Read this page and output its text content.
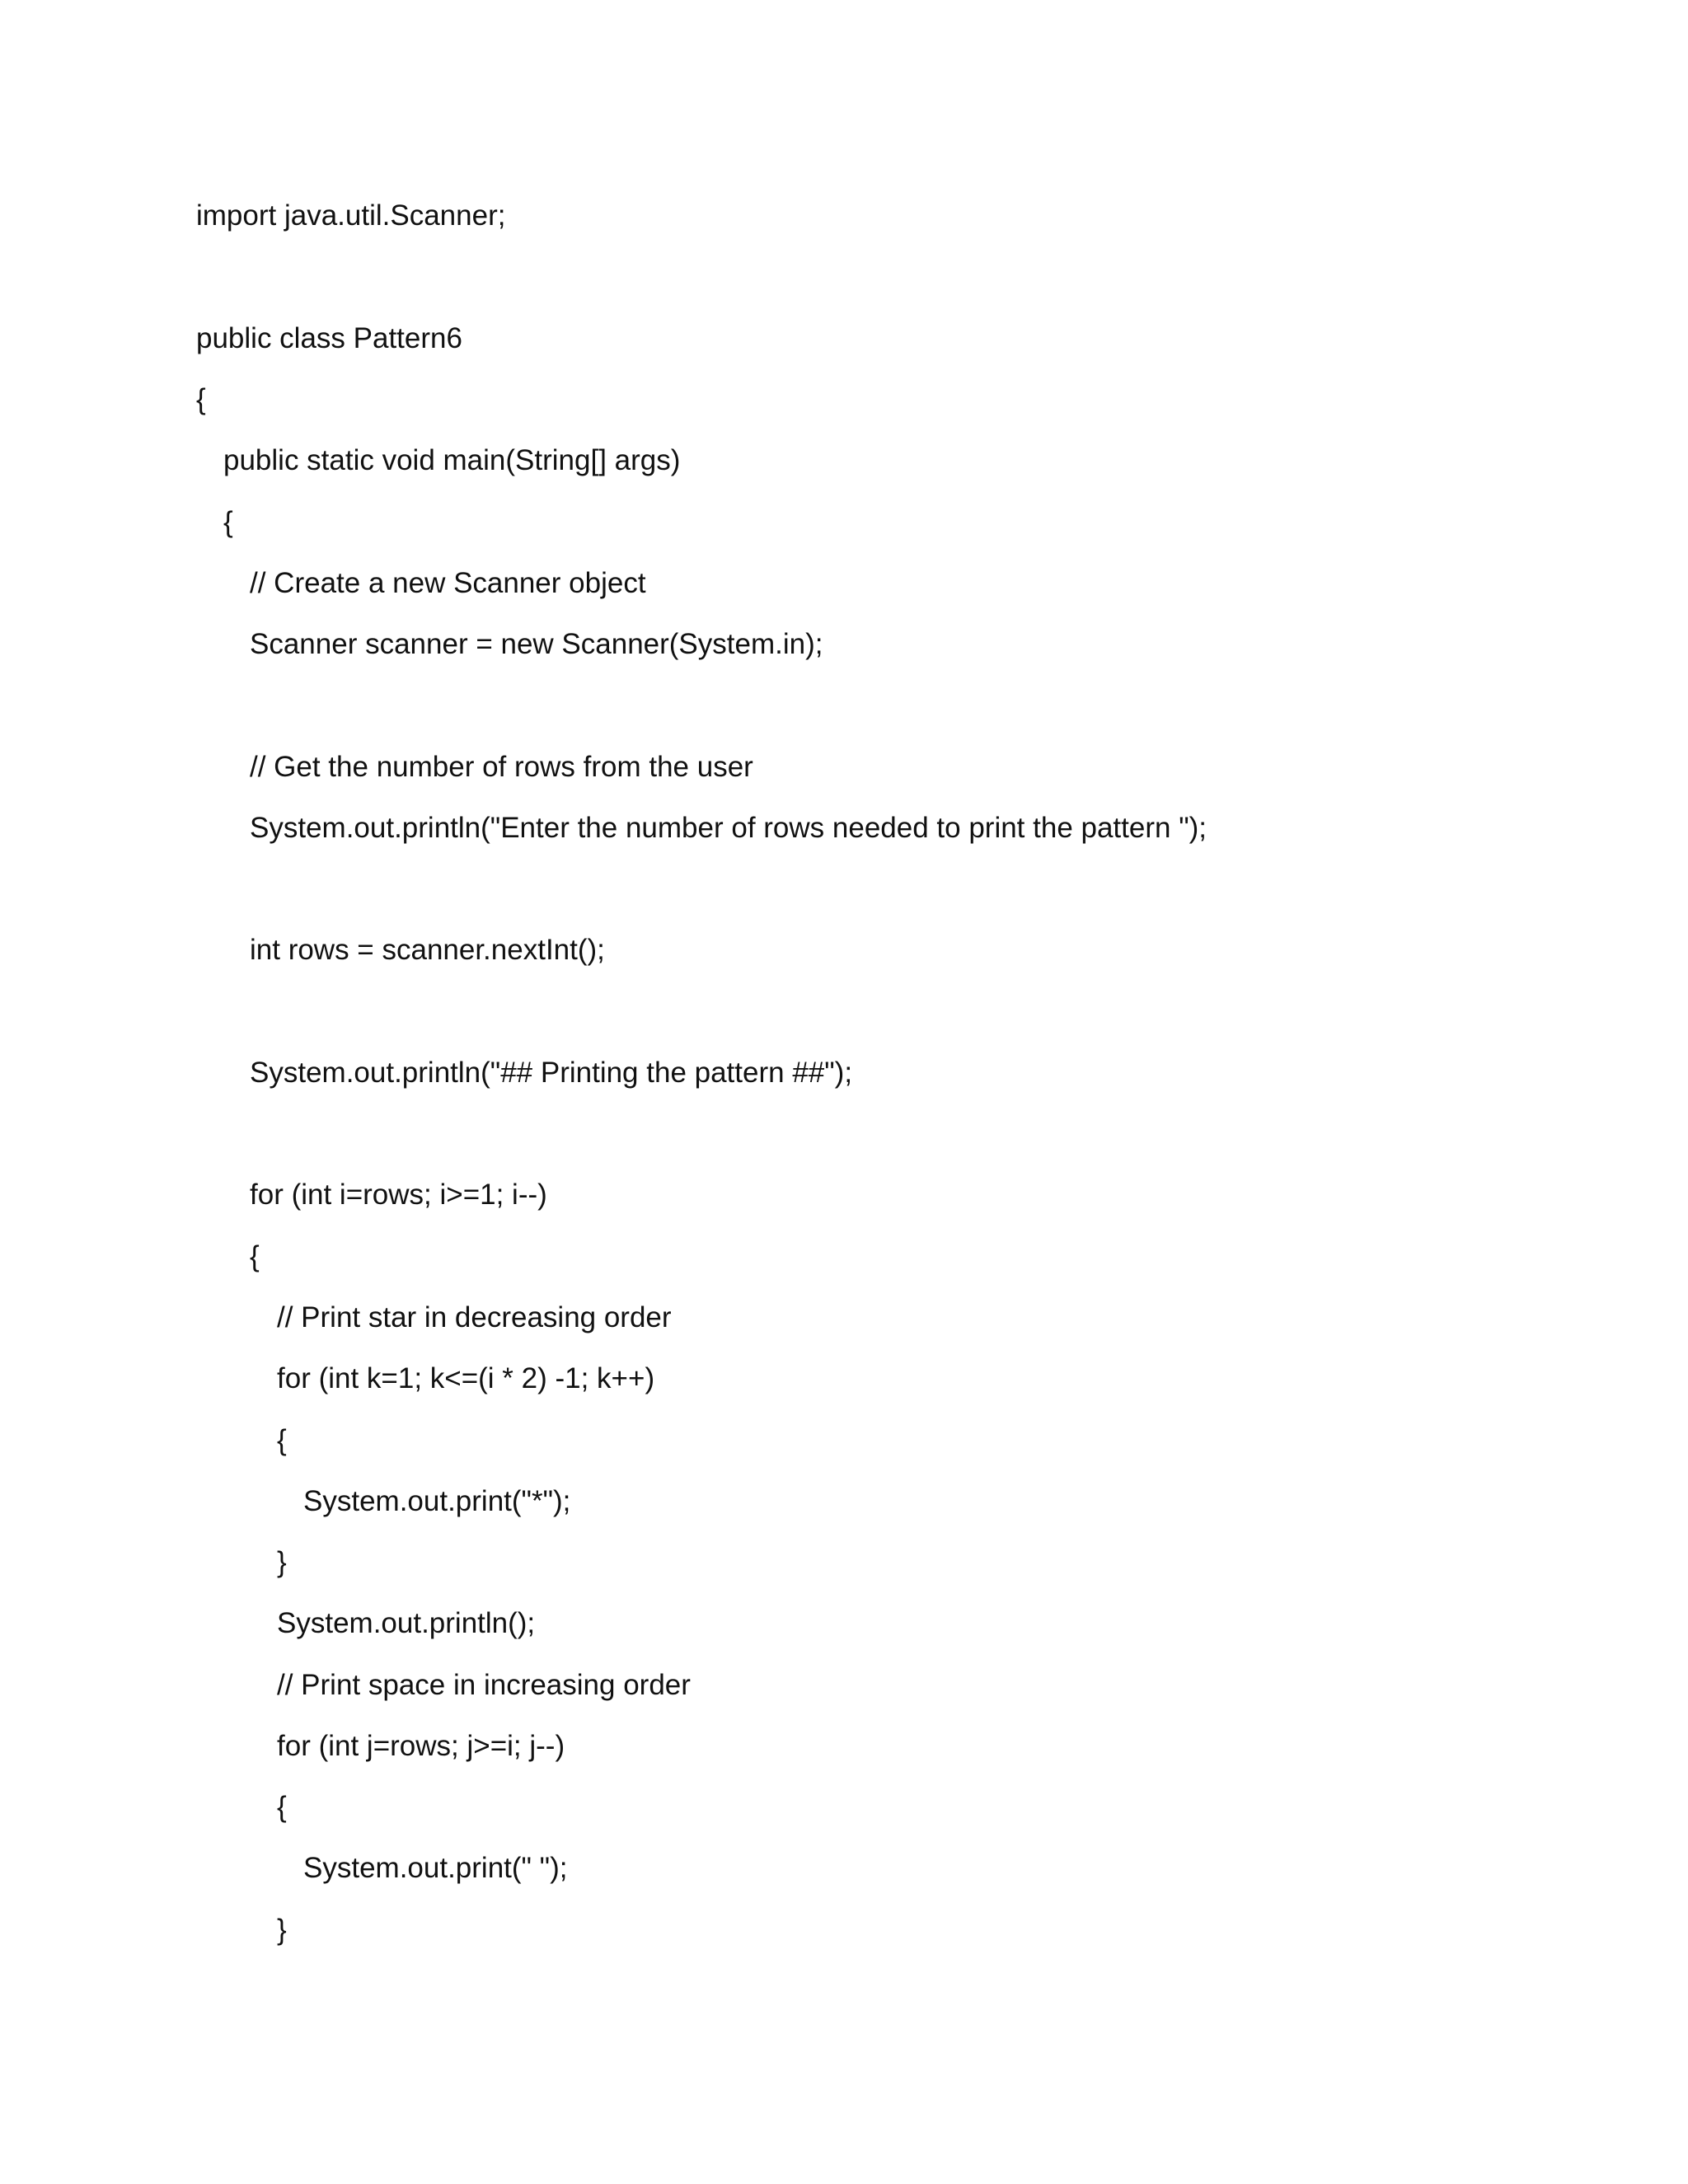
import java.util.Scanner;
public class Pattern6
{
public static void main(String[] args)
{
// Create a new Scanner object
Scanner scanner = new Scanner(System.in);
// Get the number of rows from the user
System.out.println("Enter the number of rows needed to print the pattern ");
int rows = scanner.nextInt();
System.out.println("## Printing the pattern ##");
for (int i=rows; i>=1; i--)
{
// Print star in decreasing order
for (int k=1; k<=(i * 2) -1; k++)
{
System.out.print("*");
}
System.out.println();
// Print space in increasing order
for (int j=rows; j>=i; j--)
{
System.out.print(" ");
}
